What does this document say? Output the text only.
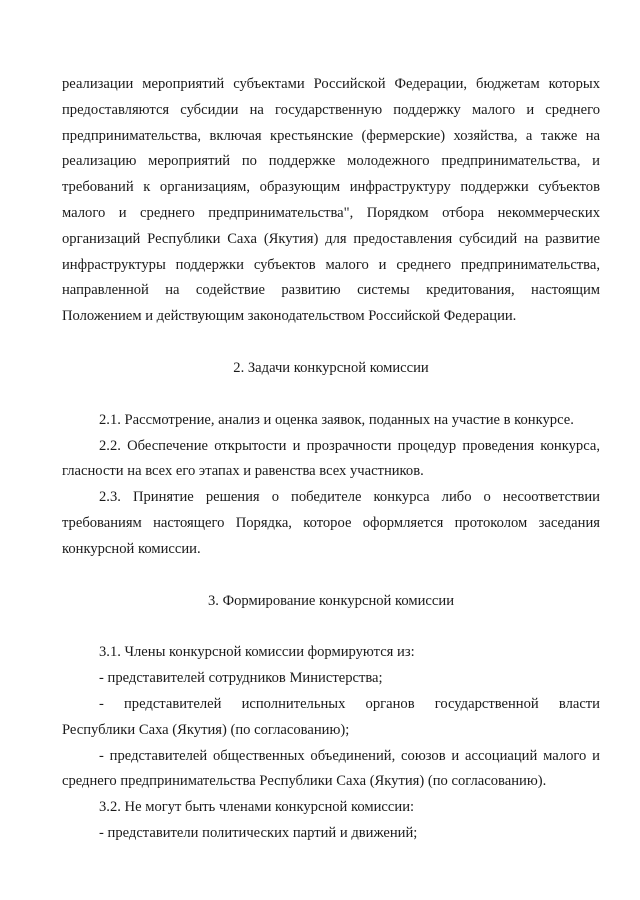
реализации мероприятий субъектами Российской Федерации, бюджетам которых предоставляются субсидии на государственную поддержку малого и среднего предпринимательства, включая крестьянские (фермерские) хозяйства, а также на реализацию мероприятий по поддержке молодежного предпринимательства, и требований к организациям, образующим инфраструктуру поддержки субъектов малого и среднего предпринимательства", Порядком отбора некоммерческих организаций Республики Саха (Якутия) для предоставления субсидий на развитие инфраструктуры поддержки субъектов малого и среднего предпринимательства, направленной на содействие развитию системы кредитования, настоящим Положением и действующим законодательством Российской Федерации.

2. Задачи конкурсной комиссии

2.1. Рассмотрение, анализ и оценка заявок, поданных на участие в конкурсе.

2.2. Обеспечение открытости и прозрачности процедур проведения конкурса, гласности на всех его этапах и равенства всех участников.

2.3. Принятие решения о победителе конкурса либо о несоответствии требованиям настоящего Порядка, которое оформляется протоколом заседания конкурсной комиссии.

3. Формирование конкурсной комиссии

3.1. Члены конкурсной комиссии формируются из:

- представителей сотрудников Министерства;

- представителей исполнительных органов государственной власти

Республики Саха (Якутия) (по согласованию);

- представителей общественных объединений, союзов и ассоциаций малого и среднего предпринимательства Республики Саха (Якутия) (по согласованию).

3.2. Не могут быть членами конкурсной комиссии:

- представители политических партий и движений;
